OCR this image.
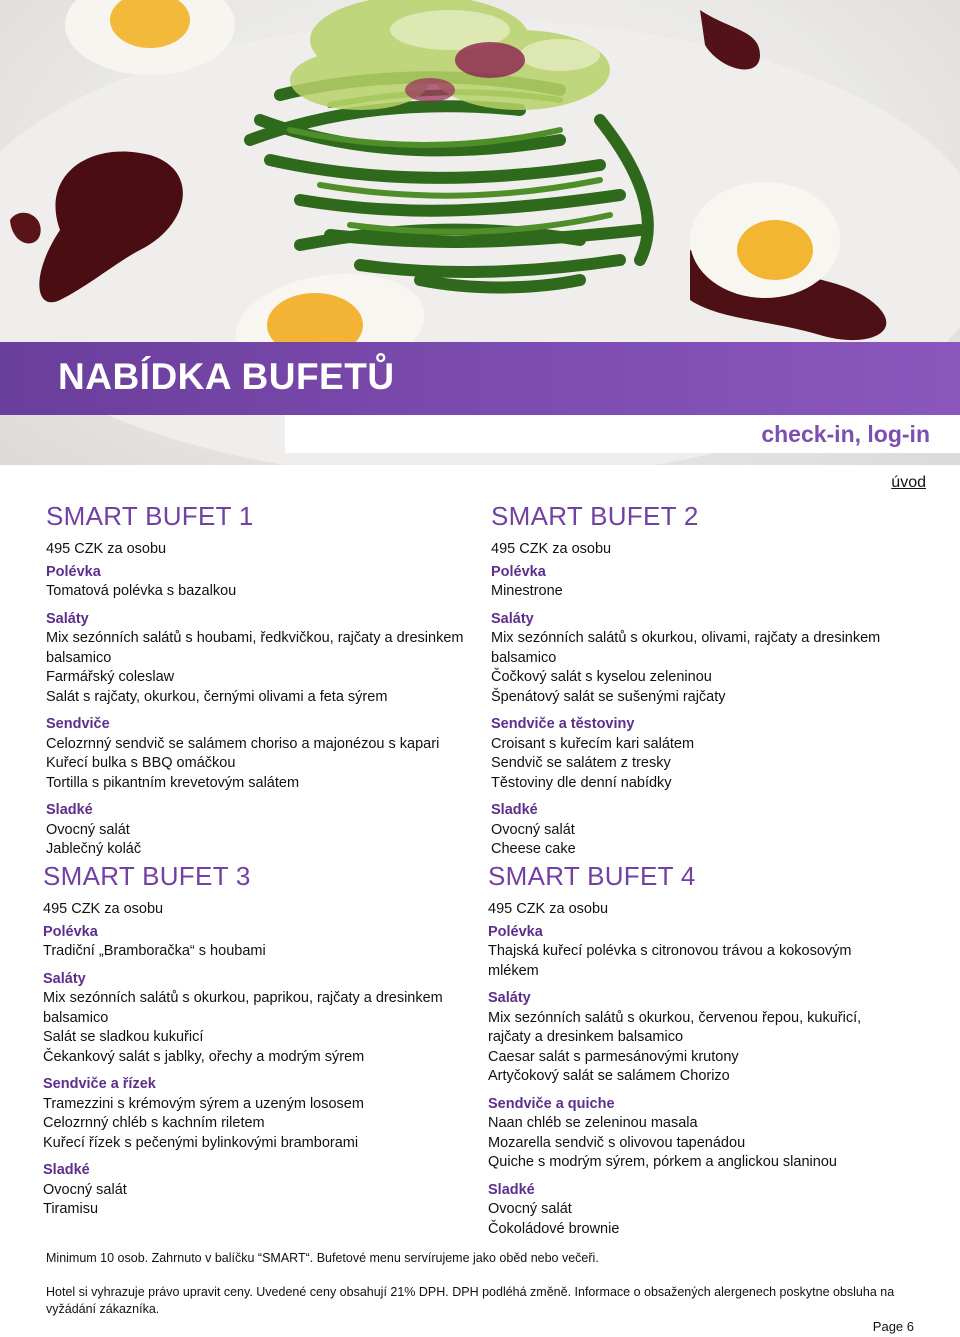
NABÍDKA BUFETŮ
check-in, log-in
úvod
SMART BUFET 1
495 CZK za osobu
Polévka
Tomatová polévka s bazalkou
Saláty
Mix sezónních salátů s houbami, ředkvičkou, rajčaty a dresinkem balsamico
Farmářský coleslaw
Salát s rajčaty, okurkou, černými olivami a feta sýrem
Sendviče
Celozrnný sendvič se salámem choriso a majonézou s kapari
Kuřecí bulka s BBQ omáčkou
Tortilla s pikantním krevetovým salátem
Sladké
Ovocný salát
Jablečný koláč
SMART BUFET 2
495 CZK za osobu
Polévka
Minestrone
Saláty
Mix sezónních salátů s okurkou, olivami, rajčaty a dresinkem balsamico
Čočkový salát s kyselou zeleninou
Špenátový salát se sušenými rajčaty
Sendviče a těstoviny
Croisant s kuřecím kari salátem
Sendvič se salátem z tresky
Těstoviny dle denní nabídky
Sladké
Ovocný salát
Cheese cake
SMART BUFET 3
495 CZK za osobu
Polévka
Tradiční „Bramboračka“ s houbami
Saláty
Mix sezónních salátů s okurkou, paprikou, rajčaty a dresinkem balsamico
Salát se sladkou kukuřicí
Čekankový salát s jablky, ořechy a modrým sýrem
Sendviče a řízek
Tramezzini s krémovým sýrem a uzeným lososem
Celozrnný chléb s kachním riletem
Kuřecí řízek s pečenými bylinkovými bramborami
Sladké
Ovocný salát
Tiramisu
SMART BUFET 4
495 CZK za osobu
Polévka
Thajská kuřecí polévka s citronovou trávou a kokosovým mlékem
Saláty
Mix sezónních salátů s okurkou, červenou řepou, kukuřicí, rajčaty a dresinkem balsamico
Caesar salát s parmesánovými krutony
Artyčokový salát se salámem Chorizo
Sendviče a quiche
Naan chléb se zeleninou masala
Mozarella sendvič s olivovou tapenádou
Quiche s modrým sýrem, pórkem a anglickou slaninou
Sladké
Ovocný salát
Čokoládové brownie
Minimum 10 osob. Zahrnuto v balíčku “SMART“. Bufetové menu servírujeme jako oběd nebo večeři.
Hotel si vyhrazuje právo upravit ceny. Uvedené ceny obsahují 21% DPH. DPH podléhá změně. Informace o obsažených alergenech poskytne obsluha na vyžádání zákazníka.
Page 6
